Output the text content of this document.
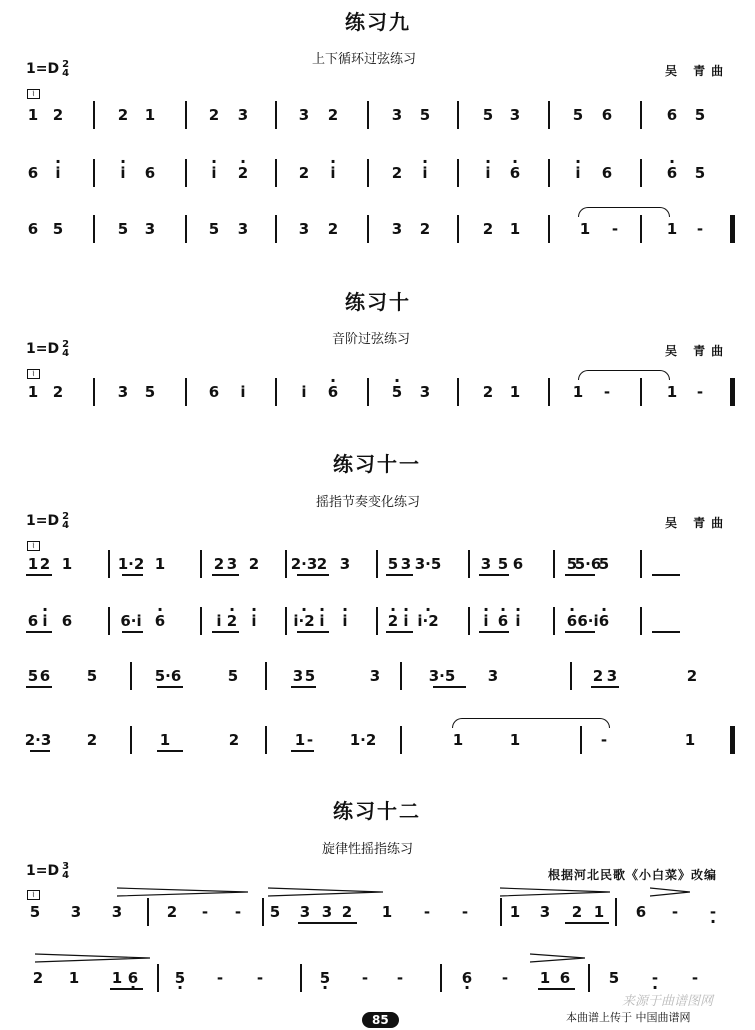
练习九
上下循环过弦练习
1=D 2
4	吴 青曲
⌇
1 2	2 1	2 3	3 2	3 5	5 3	5 6	6 5
6 · i	· i 6	· i · 2	2 · i	2 · i	· i · 6	· i 6	· 6 5
6 5	5 3	5 3	3 2	3 2	2 1	1 -	1 -
练习十
音阶过弦练习
1=D 2
4	吴 青曲
⌇
1 2	3 5	6 i	i · 6	· 5 3	2 1	1 -	1 -
练习十一
摇指节奏变化练习
1=D 2
4	吴 青曲
⌇
1 2 1	1·2 1	2 3 2 2·3 2 3	5 3 3·5	3 5 6	5
5·6
5
6 · i 6	6·i · 6	i · 2 · i · i·2 · i · i	· 2 · i · i·2	· i · 6 · i	· 6 6·i · 6
5 6 5	5·6	5	3 5	3	3·5 3	2 3	2
2·3 2	1	2	1	1·2	1	1	-	1
-
练习十二
旋律性摇指练习
1=D 3
4	根据河北民歌《小白菜》改编
⌇
5 3 3	2 - - 5 3 3 2 1 - -	1 3 2 1 6 - - ·
2 1 1 6 · 5 · - -	5 · - -	6 · - 1 6	5 - · -
85	本曲谱上传于 中国曲谱网
来源于曲谱图网
